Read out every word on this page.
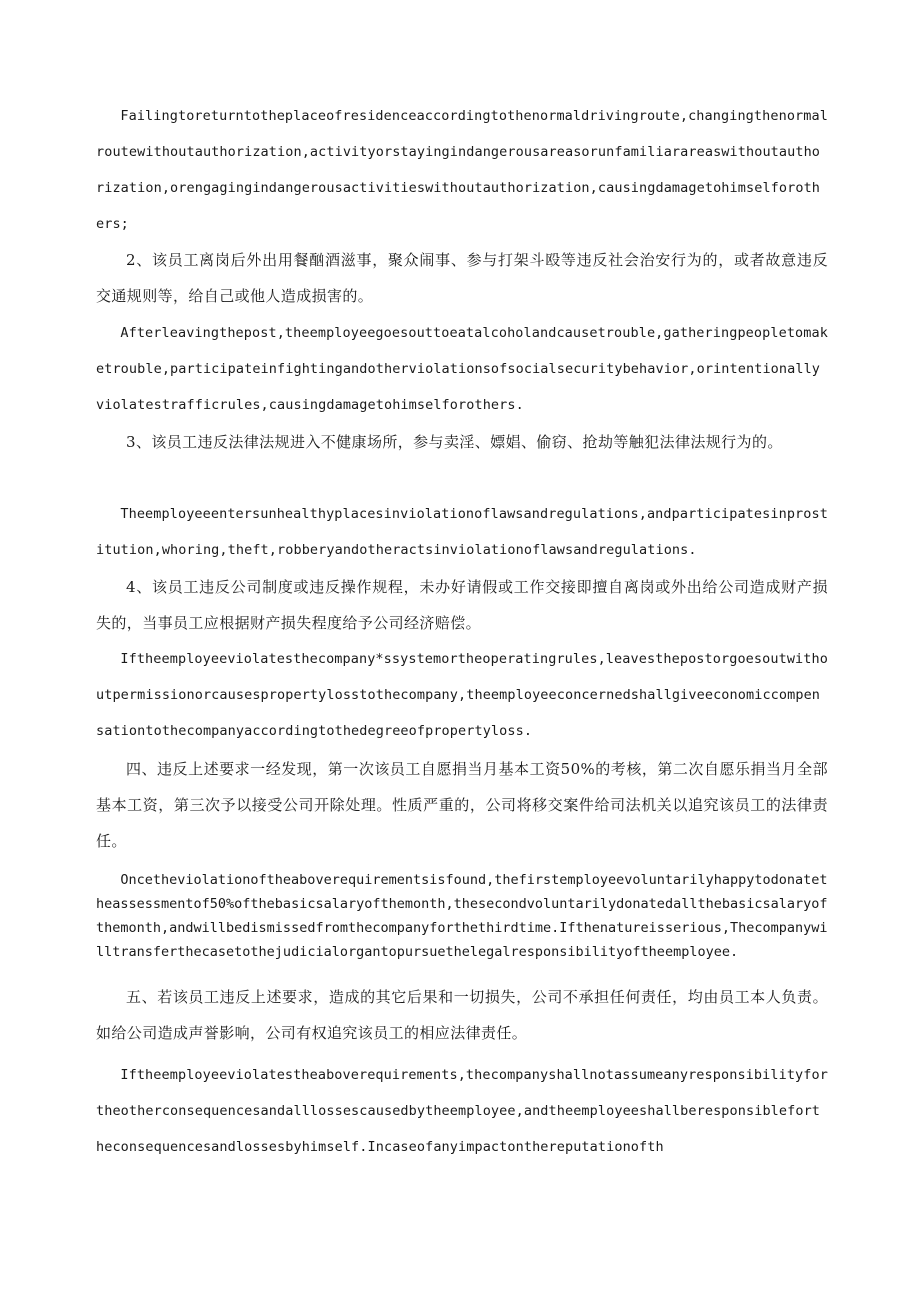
Failingtoreturntotheplaceofresidenceaccordingtothenormaldrivingroute,changingthenormalroutewithoutauthorization,activityorstayingindangerousareasorunfamiliarareaswithoutauthorization,orengagingindangerousactivitieswithoutauthorization,causingdamagetohimselforothers;

2、该员工离岗后外出用餐酗酒滋事，聚众闹事、参与打架斗殴等违反社会治安行为的，或者故意违反交通规则等，给自己或他人造成损害的。

Afterleavingthepost,theemployeegoesouttoeatalcoholandcausetrouble,gatheringpeopletomaketrouble,participateinfightingandotherviolationsofsocialsecuritybehavior,orintentionallyviolatestrafficrules,causingdamagetohimselforothers.

3、该员工违反法律法规进入不健康场所，参与卖淫、嫖娼、偷窃、抢劫等触犯法律法规行为的。

Theemployeeentersunhealthyplacesinviolationoflawsandregulations,andparticipatesinprostitution,whoring,theft,robberyandotheractsinviolationoflawsandregulations.

4、该员工违反公司制度或违反操作规程，未办好请假或工作交接即擅自离岗或外出给公司造成财产损失的，当事员工应根据财产损失程度给予公司经济赔偿。

Iftheemployeeviolatesthecompany*ssystemortheoperatingrules,leavesthepostorgoesoutwithoutpermissionorcausespropertylosstothecompany,theemployeeconcernedshallgiveeconomiccompensationtothecompanyaccordingtothedegreeofpropertyloss.

四、违反上述要求一经发现，第一次该员工自愿捐当月基本工资50%的考核，第二次自愿乐捐当月全部基本工资，第三次予以接受公司开除处理。性质严重的，公司将移交案件给司法机关以追究该员工的法律责任。

Oncetheviolationoftheaboverequirementsisfound,thefirstemployeevoluntarilyhappytodonatetheassessmentof50%ofthebasicsalaryofthemonth,thesecondvoluntarilydonatedallthebasicsalaryofthemonth,andwillbedismissedfromthecompanyforthethirdtime.Ifthenatureisserious,Thecompanywilltransferthecasetothejudicialorgantopursuethelegalresponsibilityoftheemployee.

五、若该员工违反上述要求，造成的其它后果和一切损失，公司不承担任何责任，均由员工本人负责。如给公司造成声誉影响，公司有权追究该员工的相应法律责任。

Iftheemployeeviolatestheaboverequirements,thecompanyshallnotassumeanyresponsibilityfortheotherconsequencesandalllossescausedbytheemployee,andtheemployeeshallberesponsiblefortheconsequencesandlossesbyhimself.Incaseofanyimpactonthereputationofth
